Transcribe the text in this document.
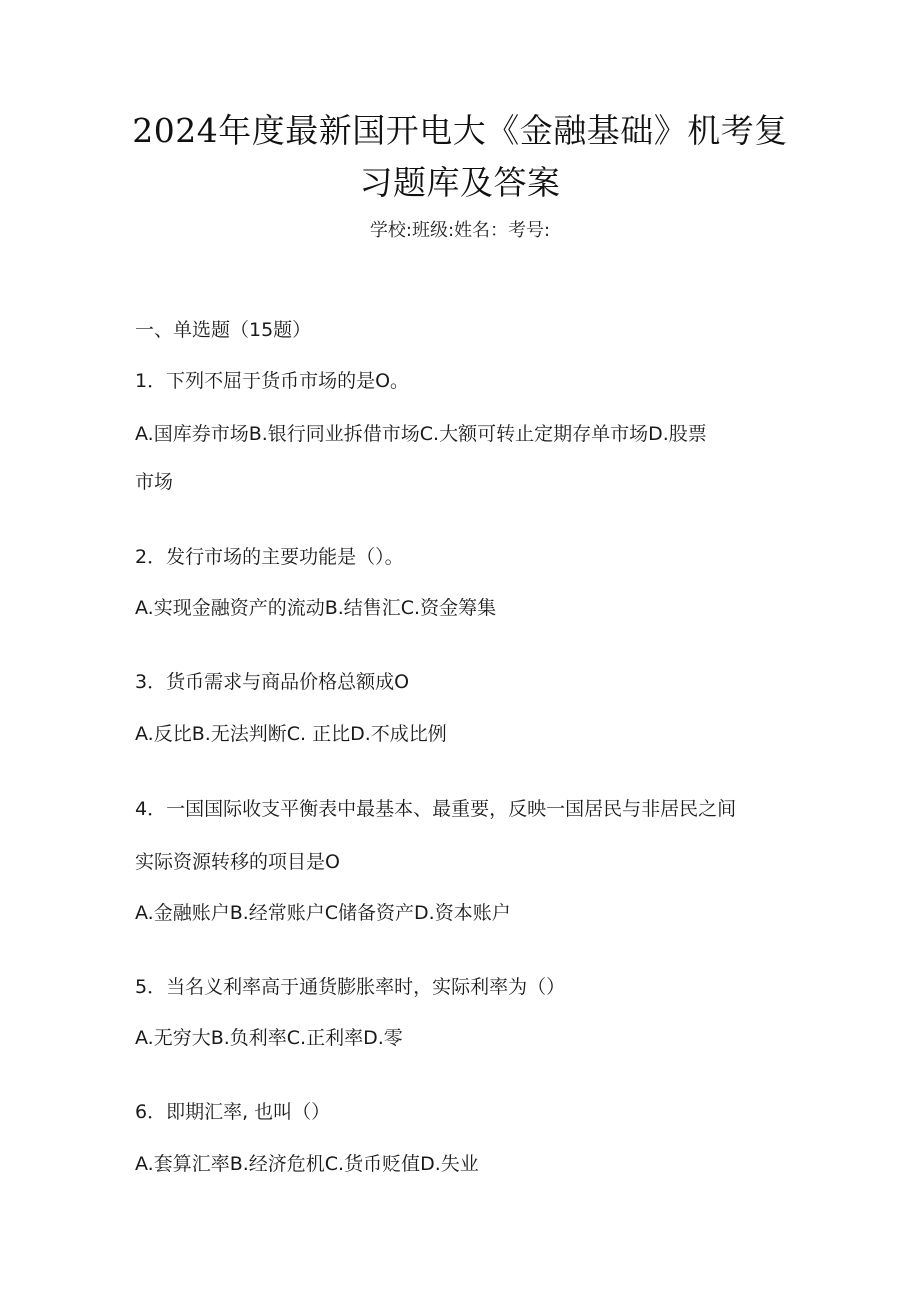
2024年度最新国开电大《金融基础》机考复
习题库及答案
学校:班级:姓名：考号:
一、单选题（15题）
1．下列不屈于货币市场的是O。
A.国库券市场B.银行同业拆借市场C.大额可转止定期存单市场D.股票
市场
2．发行市场的主要功能是（）。
A.实现金融资产的流动B.结售汇C.资金筹集
3．货币需求与商品价格总额成O
A.反比B.无法判断C. 正比D.不成比例
4．一国国际收支平衡表中最基本、最重要，反映一国居民与非居民之间
实际资源转移的项目是O
A.金融账户B.经常账户C储备资产D.资本账户
5．当名义利率高于通货膨胀率时，实际利率为（）
A.无穷大B.负利率C.正利率D.零
6．即期汇率, 也叫（）
A.套算汇率B.经济危机C.货币贬值D.失业
